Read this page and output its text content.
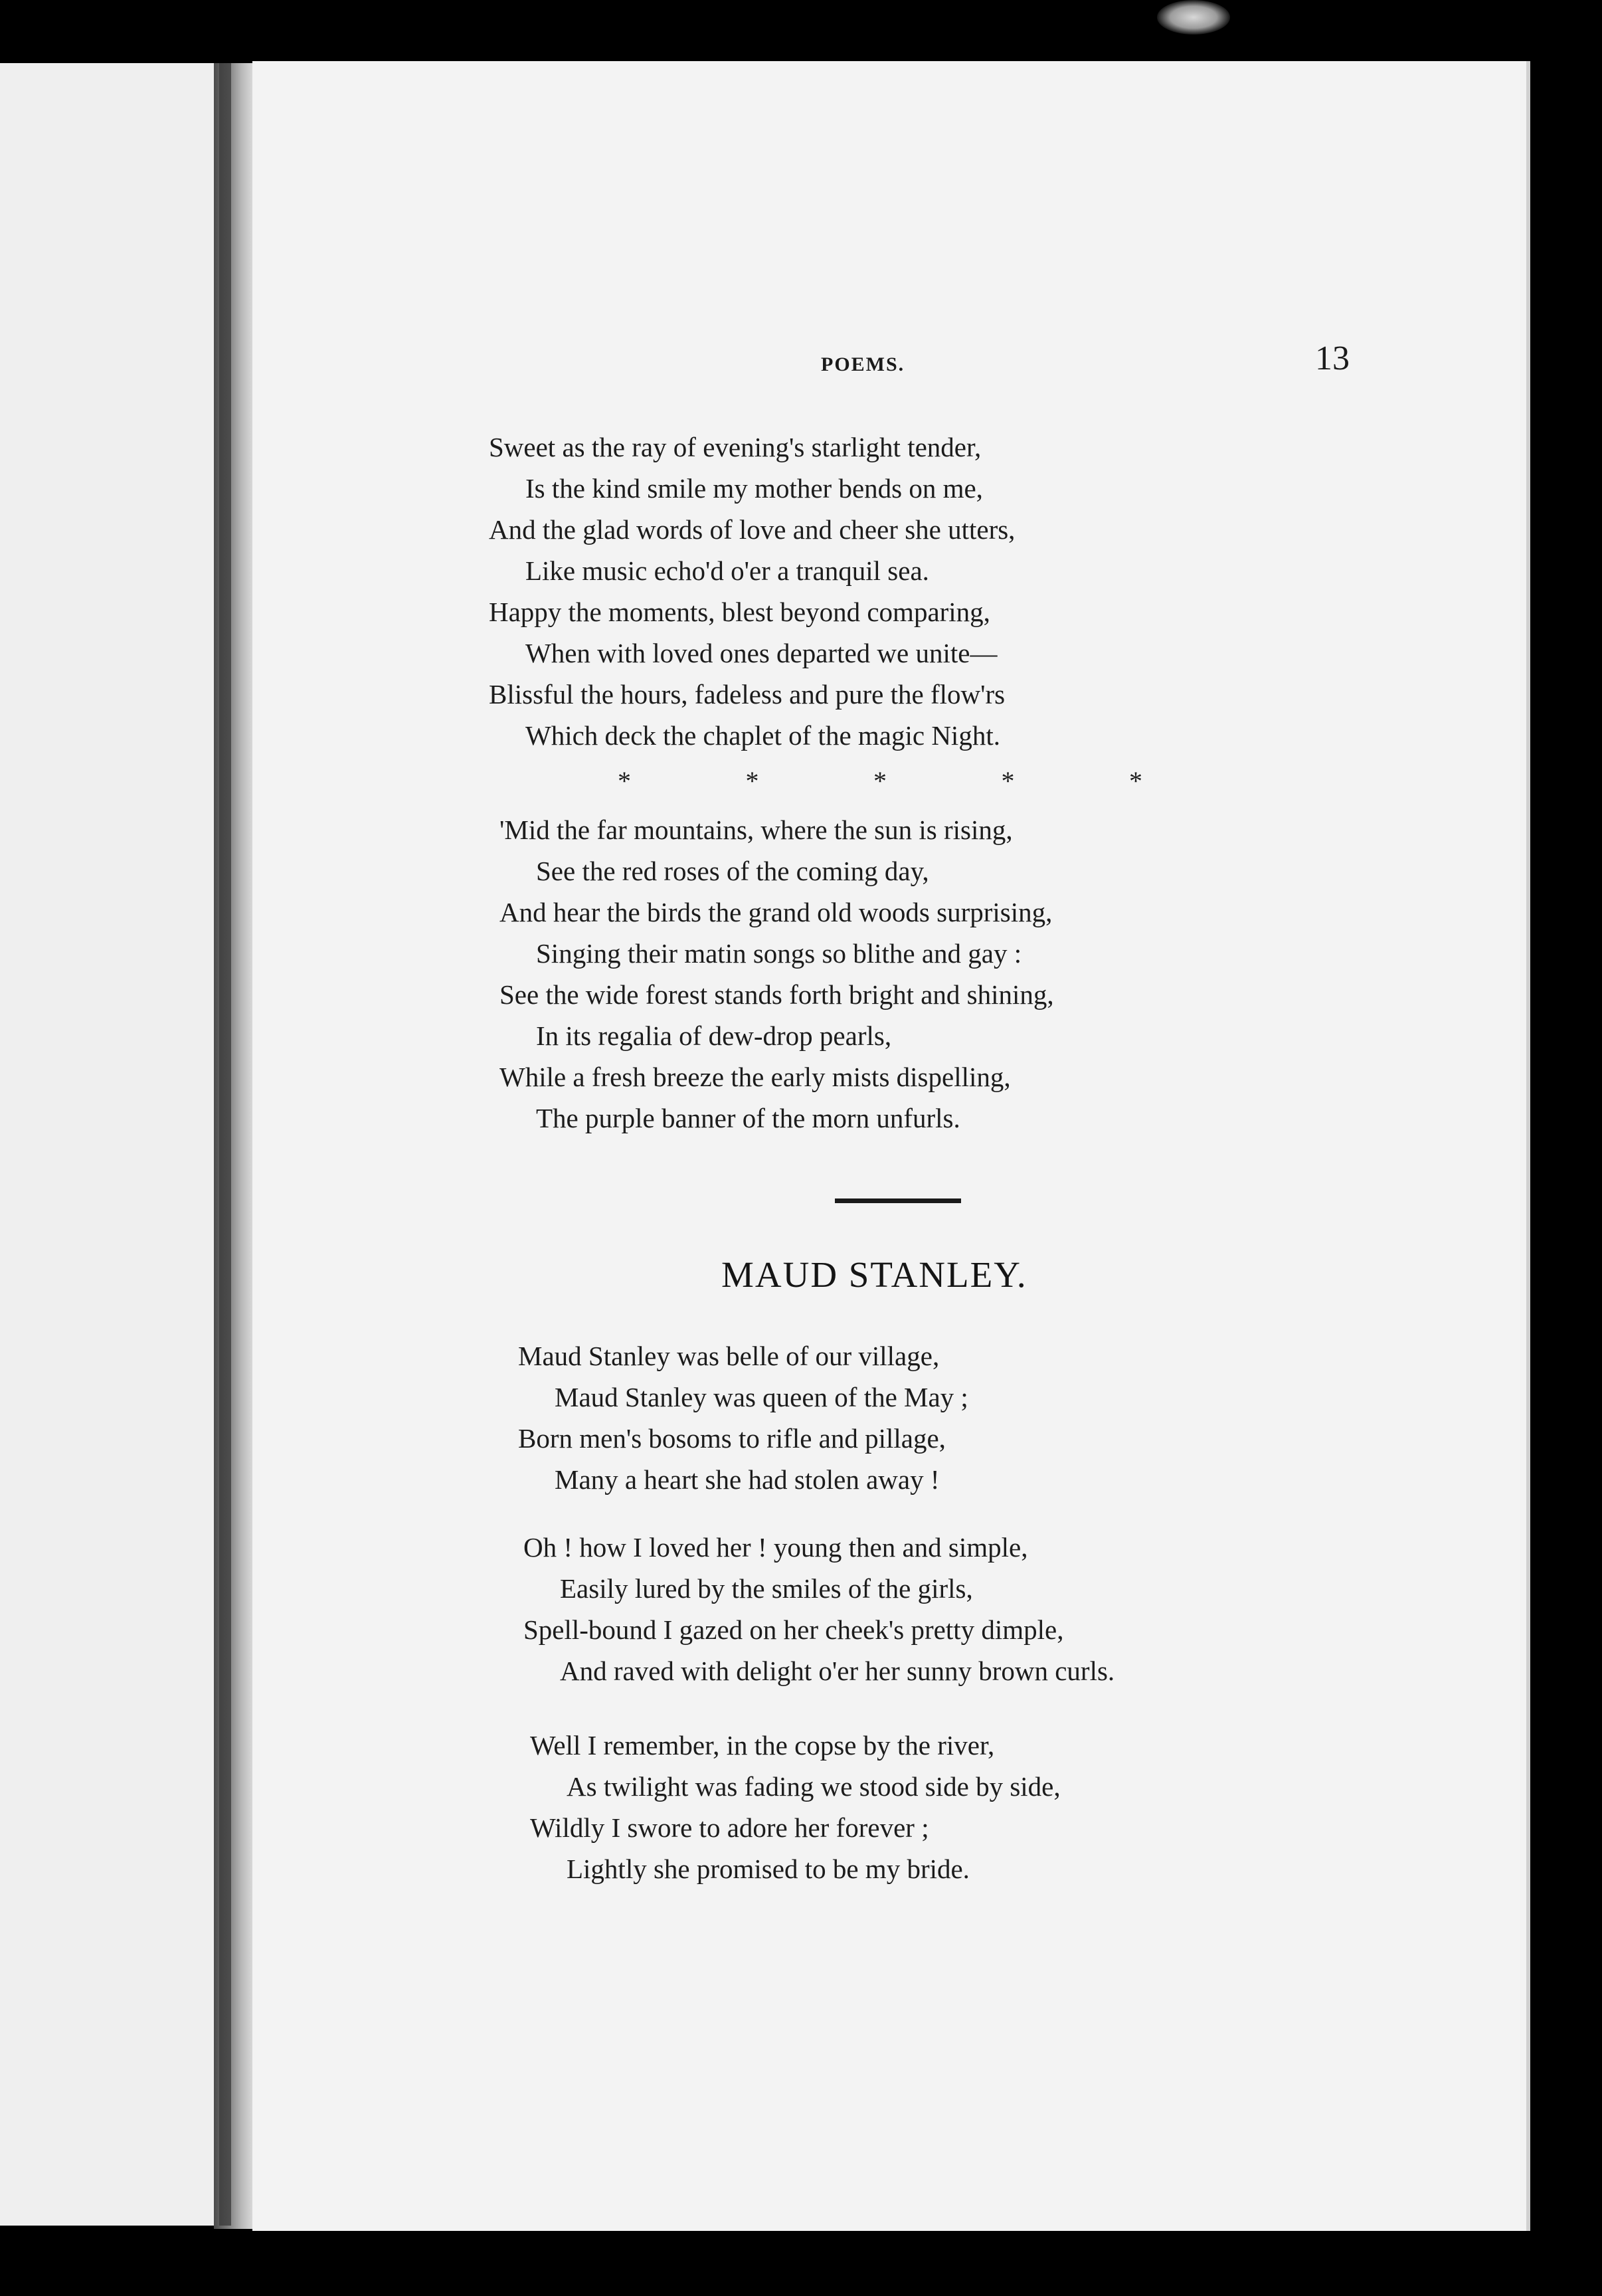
POEMS.	13
Sweet as the ray of evening's starlight tender,
Is the kind smile my mother bends on me,
And the glad words of love and cheer she utters,
Like music echo'd o'er a tranquil sea.
Happy the moments, blest beyond comparing,
When with loved ones departed we unite—
Blissful the hours, fadeless and pure the flow'rs
Which deck the chaplet of the magic Night.
*	*	*	*	*
'Mid the far mountains, where the sun is rising,
See the red roses of the coming day,
And hear the birds the grand old woods surprising,
Singing their matin songs so blithe and gay :
See the wide forest stands forth bright and shining,
In its regalia of dew-drop pearls,
While a fresh breeze the early mists dispelling,
The purple banner of the morn unfurls.
MAUD STANLEY.
Maud Stanley was belle of our village,
Maud Stanley was queen of the May ;
Born men's bosoms to rifle and pillage,
Many a heart she had stolen away !
Oh ! how I loved her ! young then and simple,
Easily lured by the smiles of the girls,
Spell-bound I gazed on her cheek's pretty dimple,
And raved with delight o'er her sunny brown curls.
Well I remember, in the copse by the river,
As twilight was fading we stood side by side,
Wildly I swore to adore her forever ;
Lightly she promised to be my bride.
